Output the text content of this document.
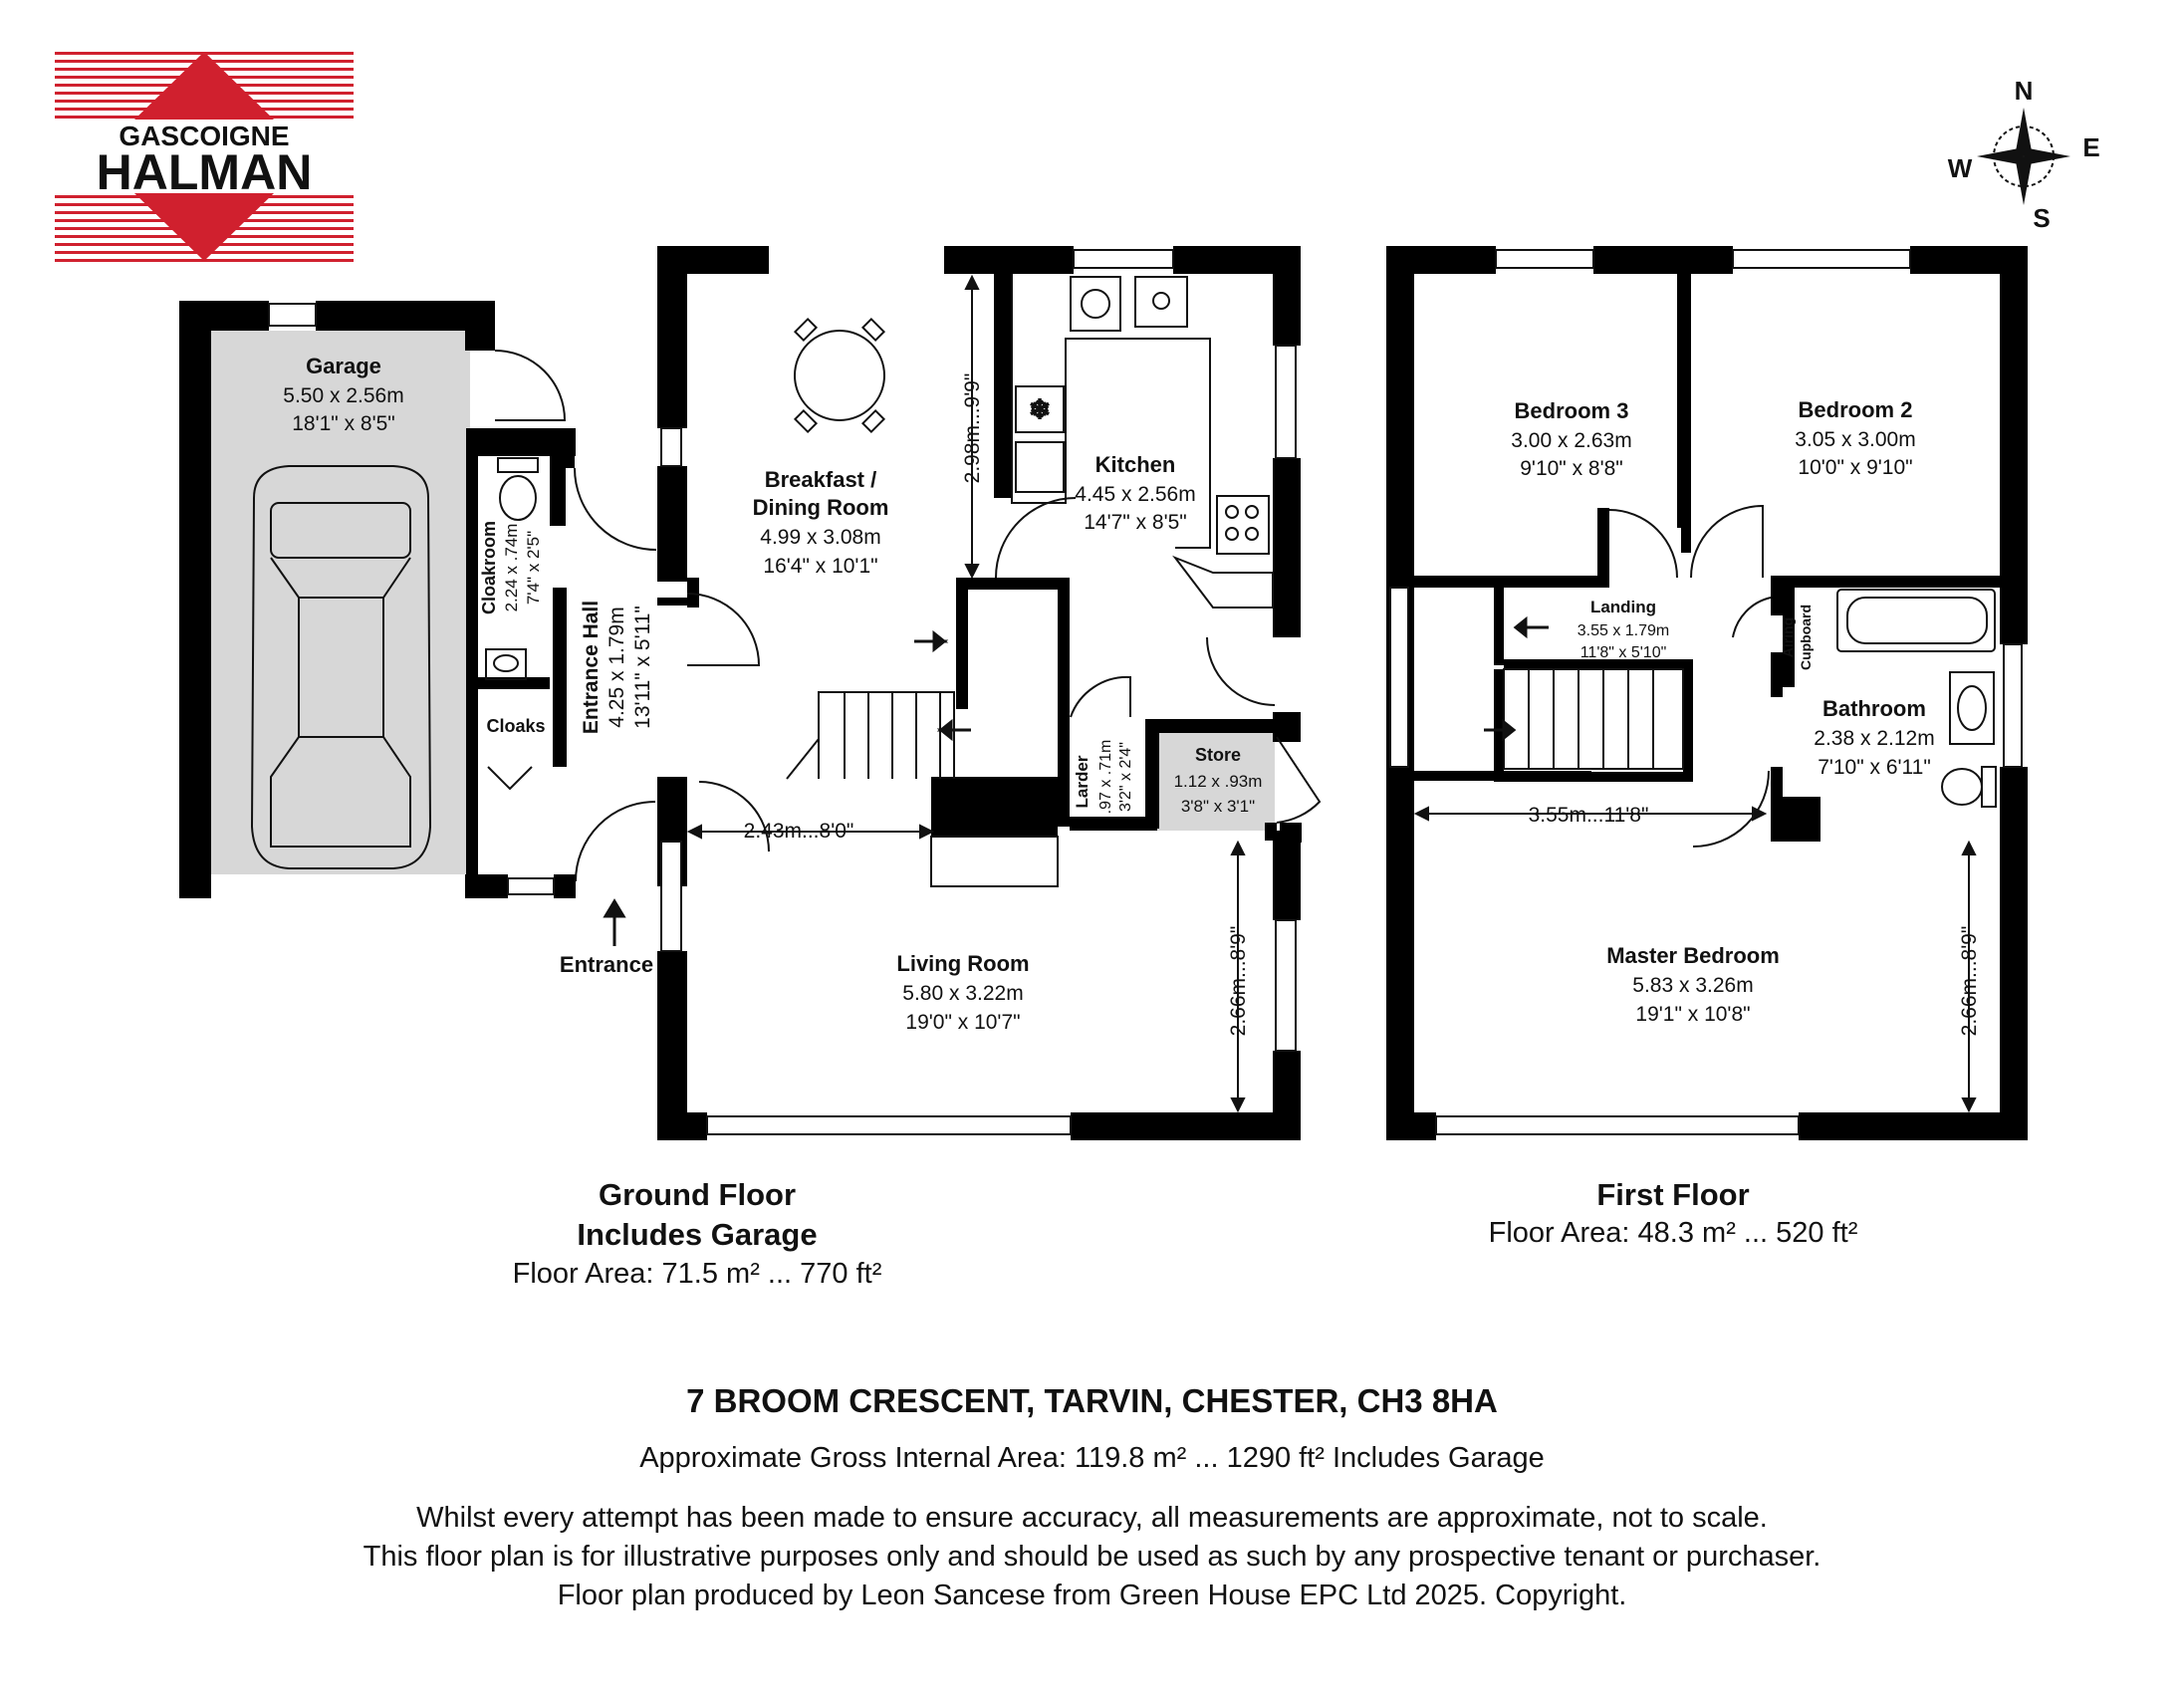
GASCOIGNE
HALMAN
N
E
S
W
❄
Garage
5.50 x 2.56m
18'1" x 8'5"
Cloakroom 2.24 x .74m 7'4" x 2'5"
Cloaks Entrance Hall 4.25 x 1.79m 13'11" x 5'11"
Breakfast /
Dining Room
4.99 x 3.08m
16'4" x 10'1"
Kitchen
4.45 x 2.56m
14'7" x 8'5"
Larder .97 x .71m 3'2" x 2'4"	Store
1.12 x .93m
3'8" x 3'1"
Living Room
5.80 x 3.22m
19'0" x 10'7"
2.98m...9'9"
2.43m...8'0"
2.66m...8'9"
Entrance
Bedroom 3
3.00 x 2.63m
9'10" x 8'8"
Bedroom 2
3.05 x 3.00m
10'0" x 9'10"
Landing
3.55 x 1.79m
11'8" x 5'10"	Airing Cupboard
Bathroom
2.38 x 2.12m
7'10" x 6'11"
Master Bedroom
5.83 x 3.26m
19'1" x 10'8"
3.55m...11'8"
2.66m...8'9"
Ground Floor
Includes Garage
Floor Area: 71.5 m² ... 770 ft²
First Floor
Floor Area: 48.3 m² ... 520 ft²
7 BROOM CRESCENT, TARVIN, CHESTER, CH3 8HA
Approximate Gross Internal Area: 119.8 m² ... 1290 ft² Includes Garage
Whilst every attempt has been made to ensure accuracy, all measurements are approximate, not to scale.
This floor plan is for illustrative purposes only and should be used as such by any prospective tenant or purchaser.
Floor plan produced by Leon Sancese from Green House EPC Ltd 2025. Copyright.
